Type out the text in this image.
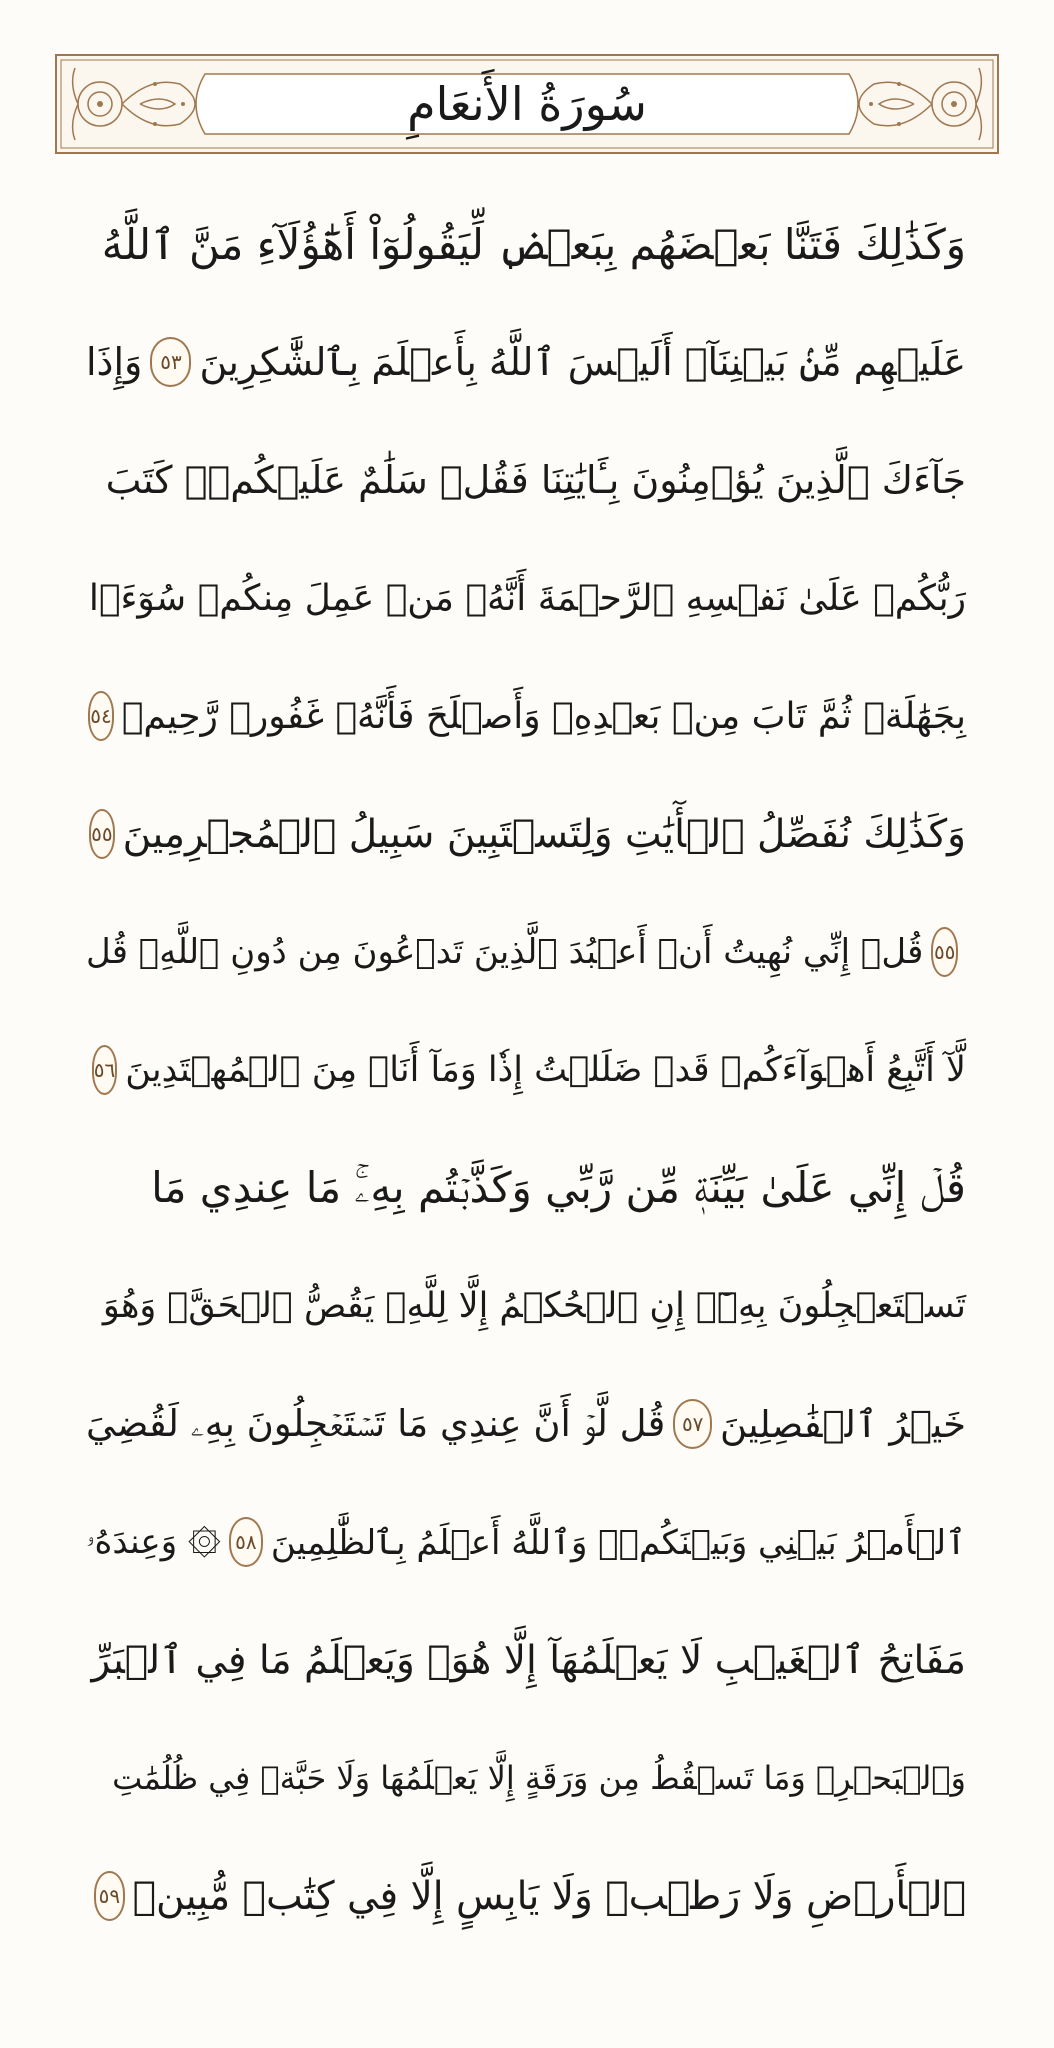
سُورَةُ الأَنعَامِ
وَكَذَٰلِكَ فَتَنَّا بَعۡضَهُم بِبَعۡضٖ لِّيَقُولُوٓاْ أَهَٰٓؤُلَآءِ مَنَّ ٱللَّهُ
عَلَيۡهِم مِّنۢ بَيۡنِنَآۗ أَلَيۡسَ ٱللَّهُ بِأَعۡلَمَ بِٱلشَّٰكِرِينَ
٥٣
وَإِذَا
جَآءَكَ ٱلَّذِينَ يُؤۡمِنُونَ بِـَٔايَٰتِنَا فَقُلۡ سَلَٰمٌ عَلَيۡكُمۡۖ كَتَبَ
رَبُّكُمۡ عَلَىٰ نَفۡسِهِ ٱلرَّحۡمَةَ أَنَّهُۥ مَنۡ عَمِلَ مِنكُمۡ سُوٓءَۢا
بِجَهَٰلَةٖ ثُمَّ تَابَ مِنۢ بَعۡدِهِۦ وَأَصۡلَحَ فَأَنَّهُۥ غَفُورٞ رَّحِيمٞ
٥٤
وَكَذَٰلِكَ نُفَصِّلُ ٱلۡأٓيَٰتِ وَلِتَسۡتَبِينَ سَبِيلُ ٱلۡمُجۡرِمِينَ
٥٥
٥٥
قُلۡ إِنِّي نُهِيتُ أَنۡ أَعۡبُدَ ٱلَّذِينَ تَدۡعُونَ مِن دُونِ ٱللَّهِۚ قُل
لَّآ أَتَّبِعُ أَهۡوَآءَكُمۡ قَدۡ ضَلَلۡتُ إِذٗا وَمَآ أَنَا۠ مِنَ ٱلۡمُهۡتَدِينَ
٥٦
قُلۡ إِنِّي عَلَىٰ بَيِّنَةٖ مِّن رَّبِّي وَكَذَّبۡتُم بِهِۦۚ مَا عِندِي مَا
تَسۡتَعۡجِلُونَ بِهِۦٓۚ إِنِ ٱلۡحُكۡمُ إِلَّا لِلَّهِۖ يَقُصُّ ٱلۡحَقَّۖ وَهُوَ
خَيۡرُ ٱلۡفَٰصِلِينَ
٥٧
قُل لَّوۡ أَنَّ عِندِي مَا تَسۡتَعۡجِلُونَ بِهِۦ لَقُضِيَ
ٱلۡأَمۡرُ بَيۡنِي وَبَيۡنَكُمۡۗ وَٱللَّهُ أَعۡلَمُ بِٱلظَّٰلِمِينَ
٥٨
۞ وَعِندَهُۥ
مَفَاتِحُ ٱلۡغَيۡبِ لَا يَعۡلَمُهَآ إِلَّا هُوَۚ وَيَعۡلَمُ مَا فِي ٱلۡبَرِّ
وَٱلۡبَحۡرِۚ وَمَا تَسۡقُطُ مِن وَرَقَةٍ إِلَّا يَعۡلَمُهَا وَلَا حَبَّةٖ فِي ظُلُمَٰتِ
ٱلۡأَرۡضِ وَلَا رَطۡبٖ وَلَا يَابِسٍ إِلَّا فِي كِتَٰبٖ مُّبِينٖ
٥٩
